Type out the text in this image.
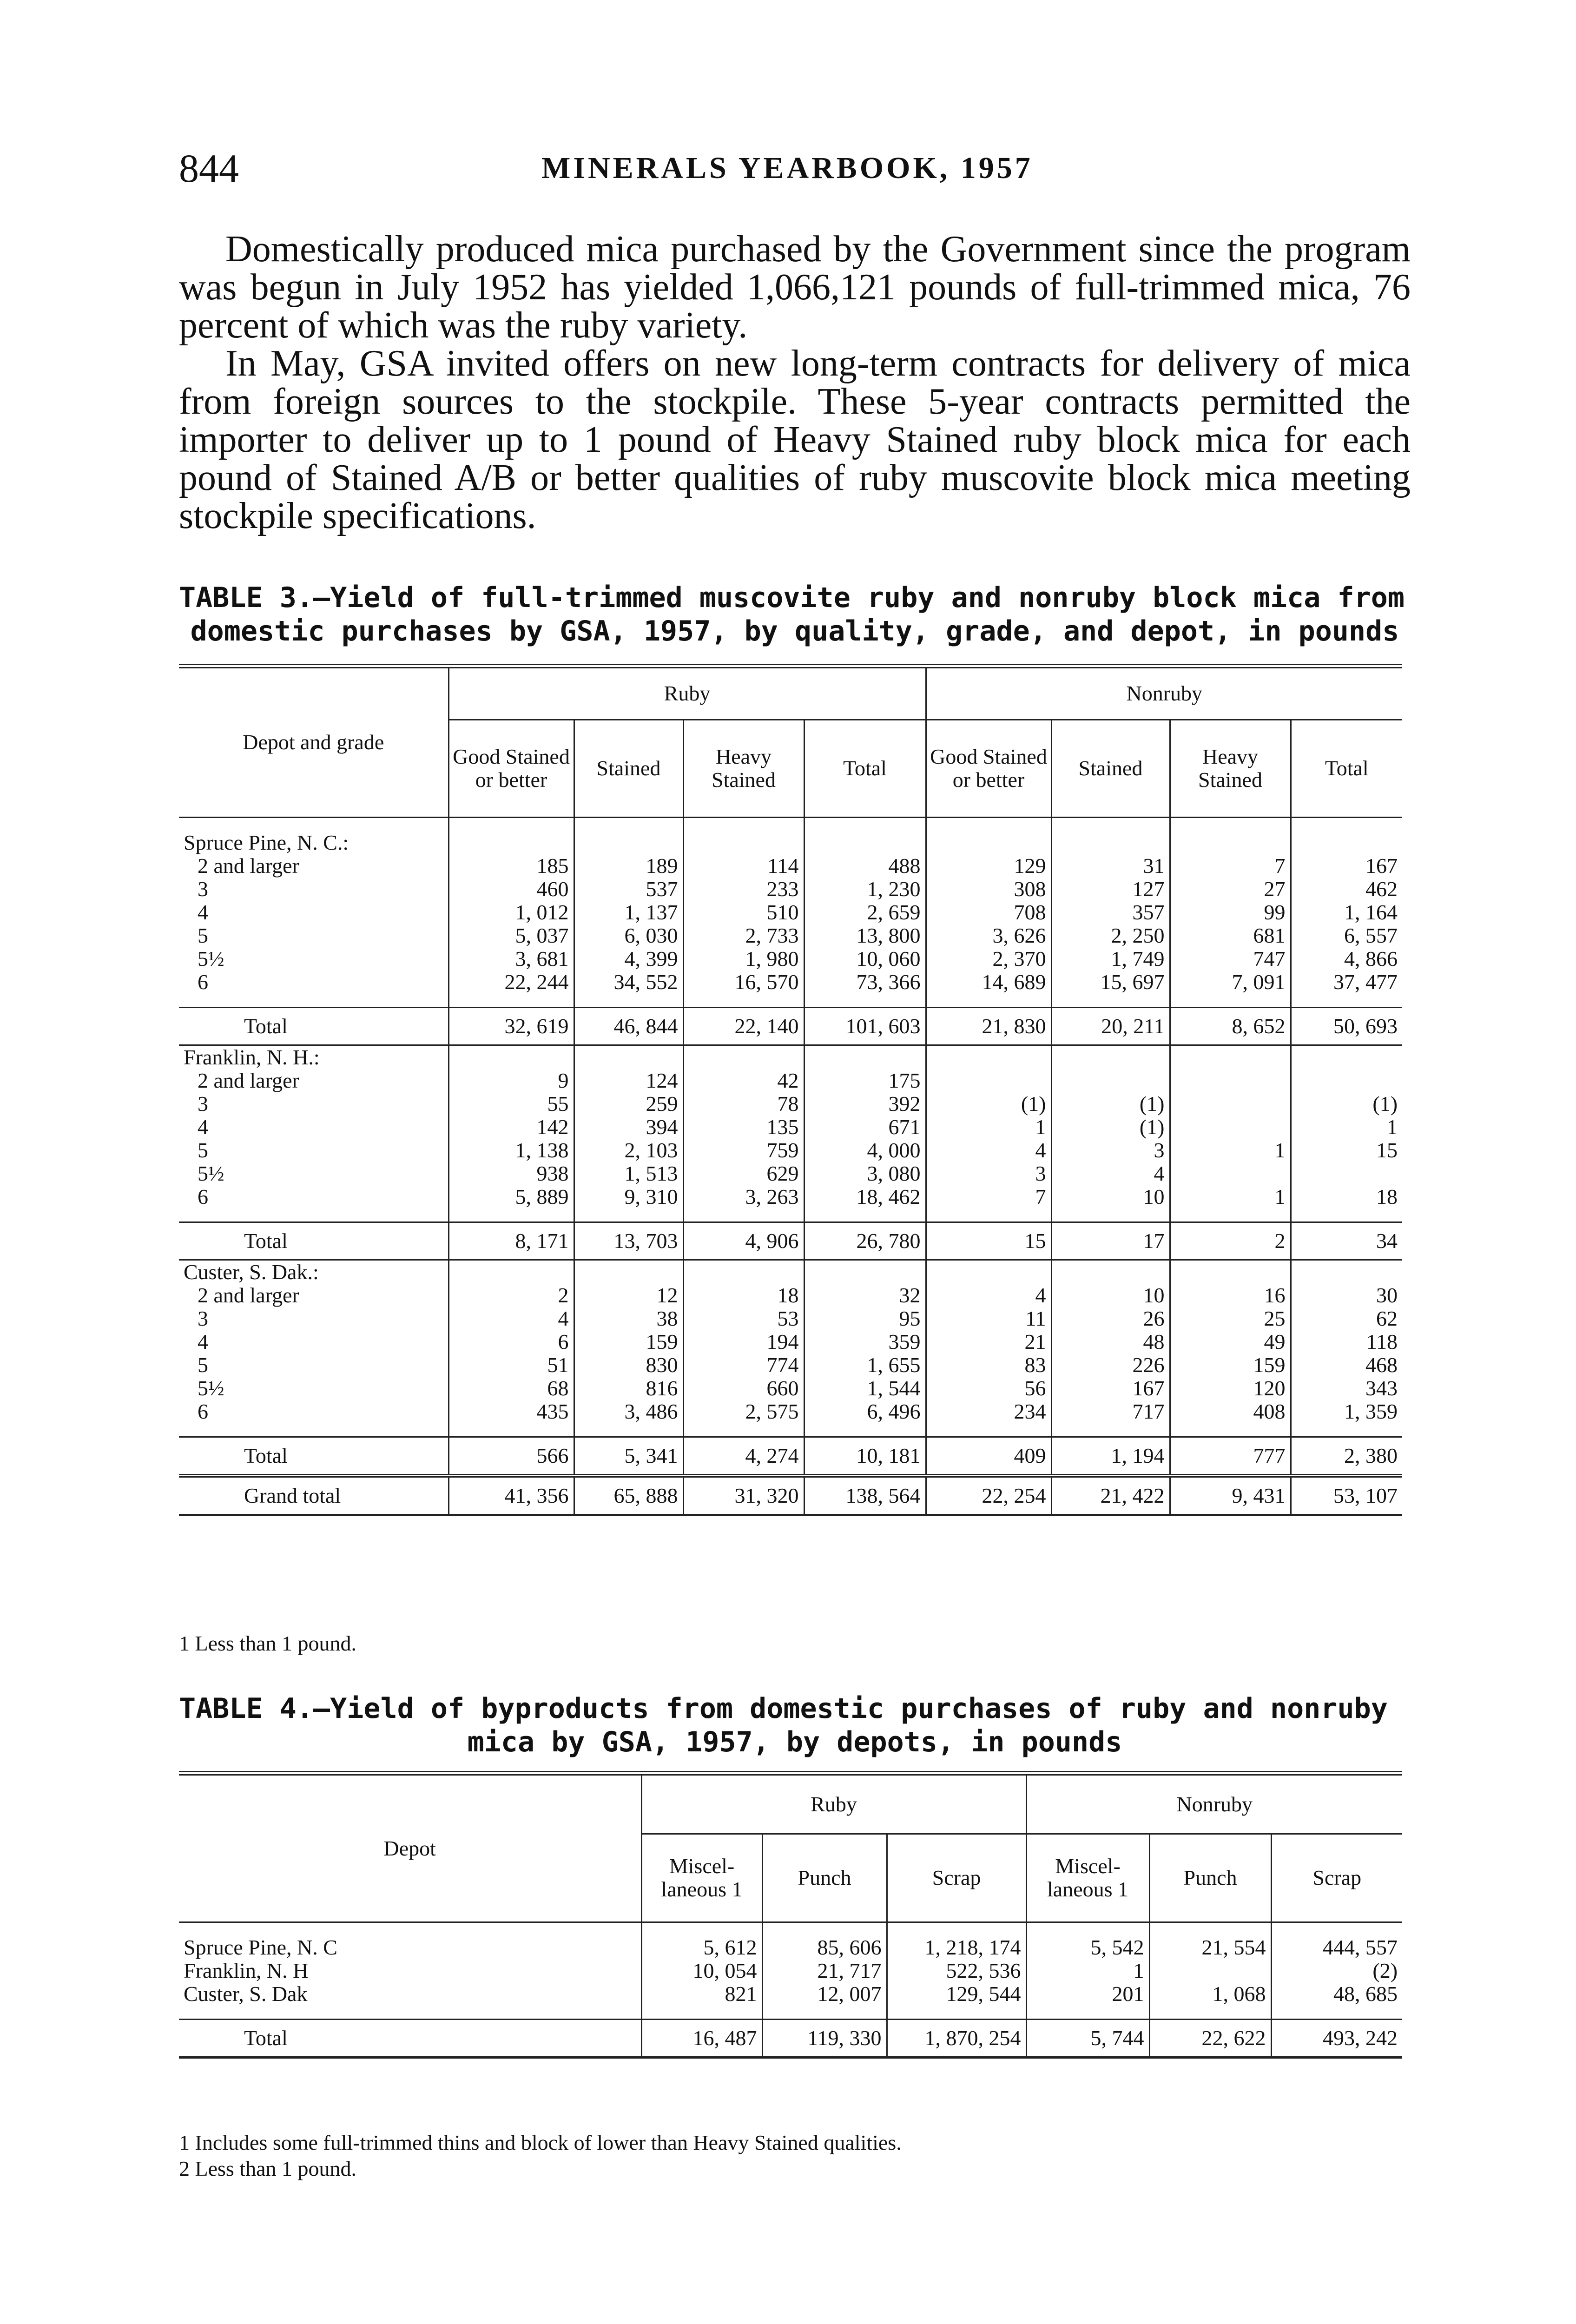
844	MINERALS YEARBOOK, 1957

Domestically produced mica purchased by the Government since the program was begun in July 1952 has yielded 1,066,121 pounds of full-trimmed mica, 76 percent of which was the ruby variety.

In May, GSA invited offers on new long-term contracts for delivery of mica from foreign sources to the stockpile. These 5-year contracts permitted the importer to deliver up to 1 pound of Heavy Stained ruby block mica for each pound of Stained A/B or better qualities of ruby muscovite block mica meeting stockpile specifications.

TABLE 3.—Yield of full-trimmed muscovite ruby and nonruby block mica from
domestic purchases by GSA, 1957, by quality, grade, and depot, in pounds
Depot and grade	Ruby				Nonruby			
	Good Stained or better	Stained	Heavy Stained	Total	Good Stained or better	Stained	Heavy Stained	Total

Spruce Pine, N. C.:								
2 and larger	185	189	114	488	129	31	7	167
3	460	537	233	1, 230	308	127	27	462
4	1, 012	1, 137	510	2, 659	708	357	99	1, 164
5	5, 037	6, 030	2, 733	13, 800	3, 626	2, 250	681	6, 557
5½	3, 681	4, 399	1, 980	10, 060	2, 370	1, 749	747	4, 866
6	22, 244	34, 552	16, 570	73, 366	14, 689	15, 697	7, 091	37, 477

Total	32, 619	46, 844	22, 140	101, 603	21, 830	20, 211	8, 652	50, 693
Franklin, N. H.:								
2 and larger	9	124	42	175				
3	55	259	78	392	(1)	(1)		(1)
4	142	394	135	671	1	(1)		1
5	1, 138	2, 103	759	4, 000	4	3	1	15
5½	938	1, 513	629	3, 080	3	4		
6	5, 889	9, 310	3, 263	18, 462	7	10	1	18

Total	8, 171	13, 703	4, 906	26, 780	15	17	2	34
Custer, S. Dak.:								
2 and larger	2	12	18	32	4	10	16	30
3	4	38	53	95	11	26	25	62
4	6	159	194	359	21	48	49	118
5	51	830	774	1, 655	83	226	159	468
5½	68	816	660	1, 544	56	167	120	343
6	435	3, 486	2, 575	6, 496	234	717	408	1, 359

Total	566	5, 341	4, 274	10, 181	409	1, 194	777	2, 380
Grand total	41, 356	65, 888	31, 320	138, 564	22, 254	21, 422	9, 431	53, 107
1 Less than 1 pound.
TABLE 4.—Yield of byproducts from domestic purchases of ruby and nonruby
mica by GSA, 1957, by depots, in pounds
Depot	Ruby			Nonruby		
	Miscel-laneous 1	Punch	Scrap	Miscel-laneous 1	Punch	Scrap

Spruce Pine, N. C	5, 612	85, 606	1, 218, 174	5, 542	21, 554	444, 557
Franklin, N. H	10, 054	21, 717	522, 536	1		(2)
Custer, S. Dak	821	12, 007	129, 544	201	1, 068	48, 685

Total	16, 487	119, 330	1, 870, 254	5, 744	22, 622	493, 242
1 Includes some full-trimmed thins and block of lower than Heavy Stained qualities.
2 Less than 1 pound.
